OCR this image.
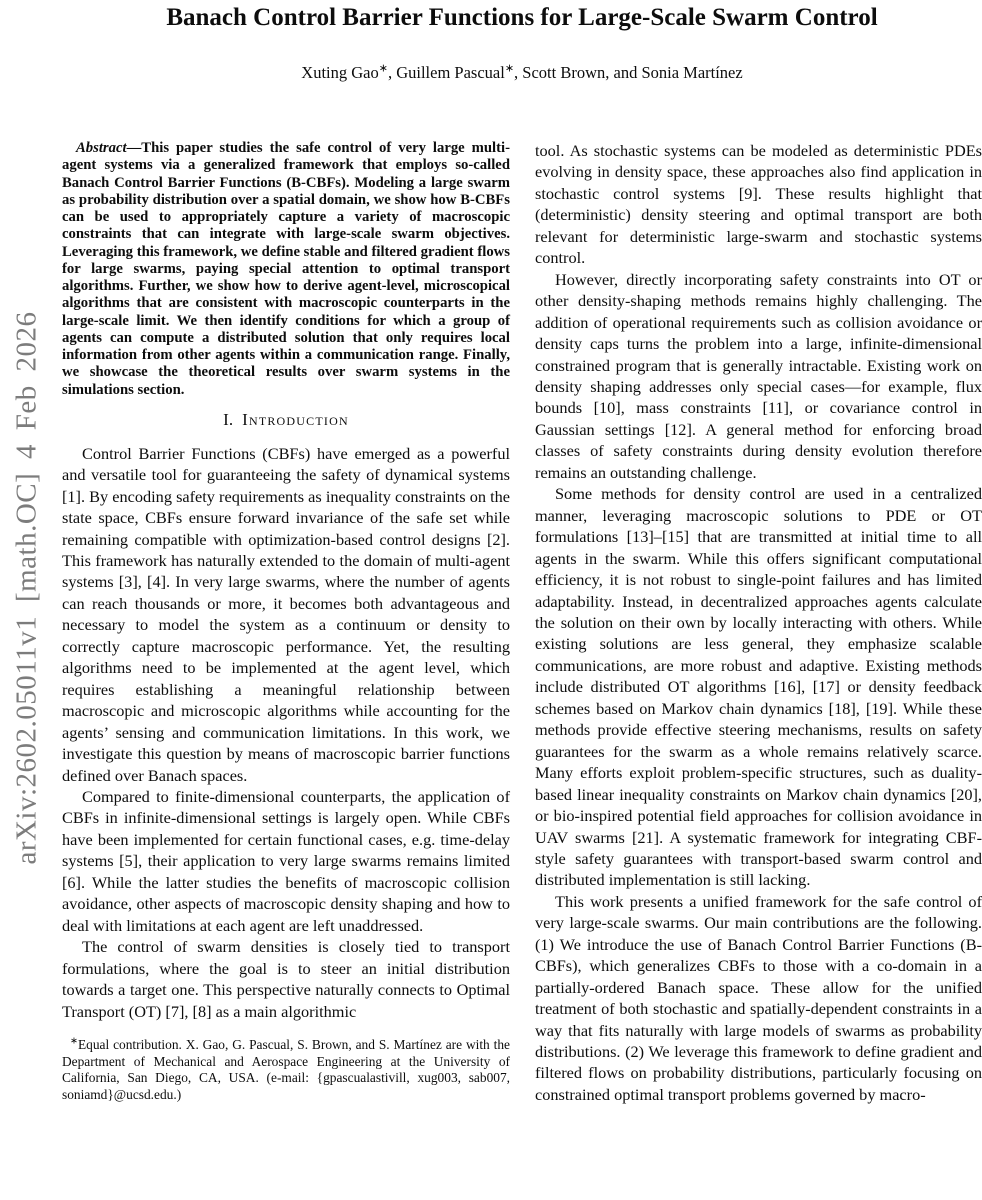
arXiv:2602.05011v1 [math.OC] 4 Feb 2026
Banach Control Barrier Functions for Large-Scale Swarm Control
Xuting Gao∗, Guillem Pascual∗, Scott Brown, and Sonia Martínez

Abstract—This paper studies the safe control of very large multi-agent systems via a generalized framework that employs so-called Banach Control Barrier Functions (B-CBFs). Modeling a large swarm as probability distribution over a spatial domain, we show how B-CBFs can be used to appropriately capture a variety of macroscopic constraints that can integrate with large-scale swarm objectives. Leveraging this framework, we define stable and filtered gradient flows for large swarms, paying special attention to optimal transport algorithms. Further, we show how to derive agent-level, microscopical algorithms that are consistent with macroscopic counterparts in the large-scale limit. We then identify conditions for which a group of agents can compute a distributed solution that only requires local information from other agents within a communication range. Finally, we showcase the theoretical results over swarm systems in the simulations section.

I. Introduction

Control Barrier Functions (CBFs) have emerged as a powerful and versatile tool for guaranteeing the safety of dynamical systems [1]. By encoding safety requirements as inequality constraints on the state space, CBFs ensure forward invariance of the safe set while remaining compatible with optimization-based control designs [2]. This framework has naturally extended to the domain of multi-agent systems [3], [4]. In very large swarms, where the number of agents can reach thousands or more, it becomes both advantageous and necessary to model the system as a continuum or density to correctly capture macroscopic performance. Yet, the resulting algorithms need to be implemented at the agent level, which requires establishing a meaningful relationship between macroscopic and microscopic algorithms while accounting for the agents’ sensing and communication limitations. In this work, we investigate this question by means of macroscopic barrier functions defined over Banach spaces.

Compared to finite-dimensional counterparts, the application of CBFs in infinite-dimensional settings is largely open. While CBFs have been implemented for certain functional cases, e.g. time-delay systems [5], their application to very large swarms remains limited [6]. While the latter studies the benefits of macroscopic collision avoidance, other aspects of macroscopic density shaping and how to deal with limitations at each agent are left unaddressed.

The control of swarm densities is closely tied to transport formulations, where the goal is to steer an initial distribution towards a target one. This perspective naturally connects to Optimal Transport (OT) [7], [8] as a main algorithmic

∗Equal contribution. X. Gao, G. Pascual, S. Brown, and S. Martínez are with the Department of Mechanical and Aerospace Engineering at the University of California, San Diego, CA, USA. (e-mail: {gpascualastivill, xug003, sab007, soniamd}@ucsd.edu.)

tool. As stochastic systems can be modeled as deterministic PDEs evolving in density space, these approaches also find application in stochastic control systems [9]. These results highlight that (deterministic) density steering and optimal transport are both relevant for deterministic large-swarm and stochastic systems control.

However, directly incorporating safety constraints into OT or other density-shaping methods remains highly challenging. The addition of operational requirements such as collision avoidance or density caps turns the problem into a large, infinite-dimensional constrained program that is generally intractable. Existing work on density shaping addresses only special cases—for example, flux bounds [10], mass constraints [11], or covariance control in Gaussian settings [12]. A general method for enforcing broad classes of safety constraints during density evolution therefore remains an outstanding challenge.

Some methods for density control are used in a centralized manner, leveraging macroscopic solutions to PDE or OT formulations [13]–[15] that are transmitted at initial time to all agents in the swarm. While this offers significant computational efficiency, it is not robust to single-point failures and has limited adaptability. Instead, in decentralized approaches agents calculate the solution on their own by locally interacting with others. While existing solutions are less general, they emphasize scalable communications, are more robust and adaptive. Existing methods include distributed OT algorithms [16], [17] or density feedback schemes based on Markov chain dynamics [18], [19]. While these methods provide effective steering mechanisms, results on safety guarantees for the swarm as a whole remains relatively scarce. Many efforts exploit problem-specific structures, such as duality-based linear inequality constraints on Markov chain dynamics [20], or bio-inspired potential field approaches for collision avoidance in UAV swarms [21]. A systematic framework for integrating CBF-style safety guarantees with transport-based swarm control and distributed implementation is still lacking.

This work presents a unified framework for the safe control of very large-scale swarms. Our main contributions are the following. (1) We introduce the use of Banach Control Barrier Functions (B-CBFs), which generalizes CBFs to those with a co-domain in a partially-ordered Banach space. These allow for the unified treatment of both stochastic and spatially-dependent constraints in a way that fits naturally with large models of swarms as probability distributions. (2) We leverage this framework to define gradient and filtered flows on probability distributions, particularly focusing on constrained optimal transport problems governed by macro-
